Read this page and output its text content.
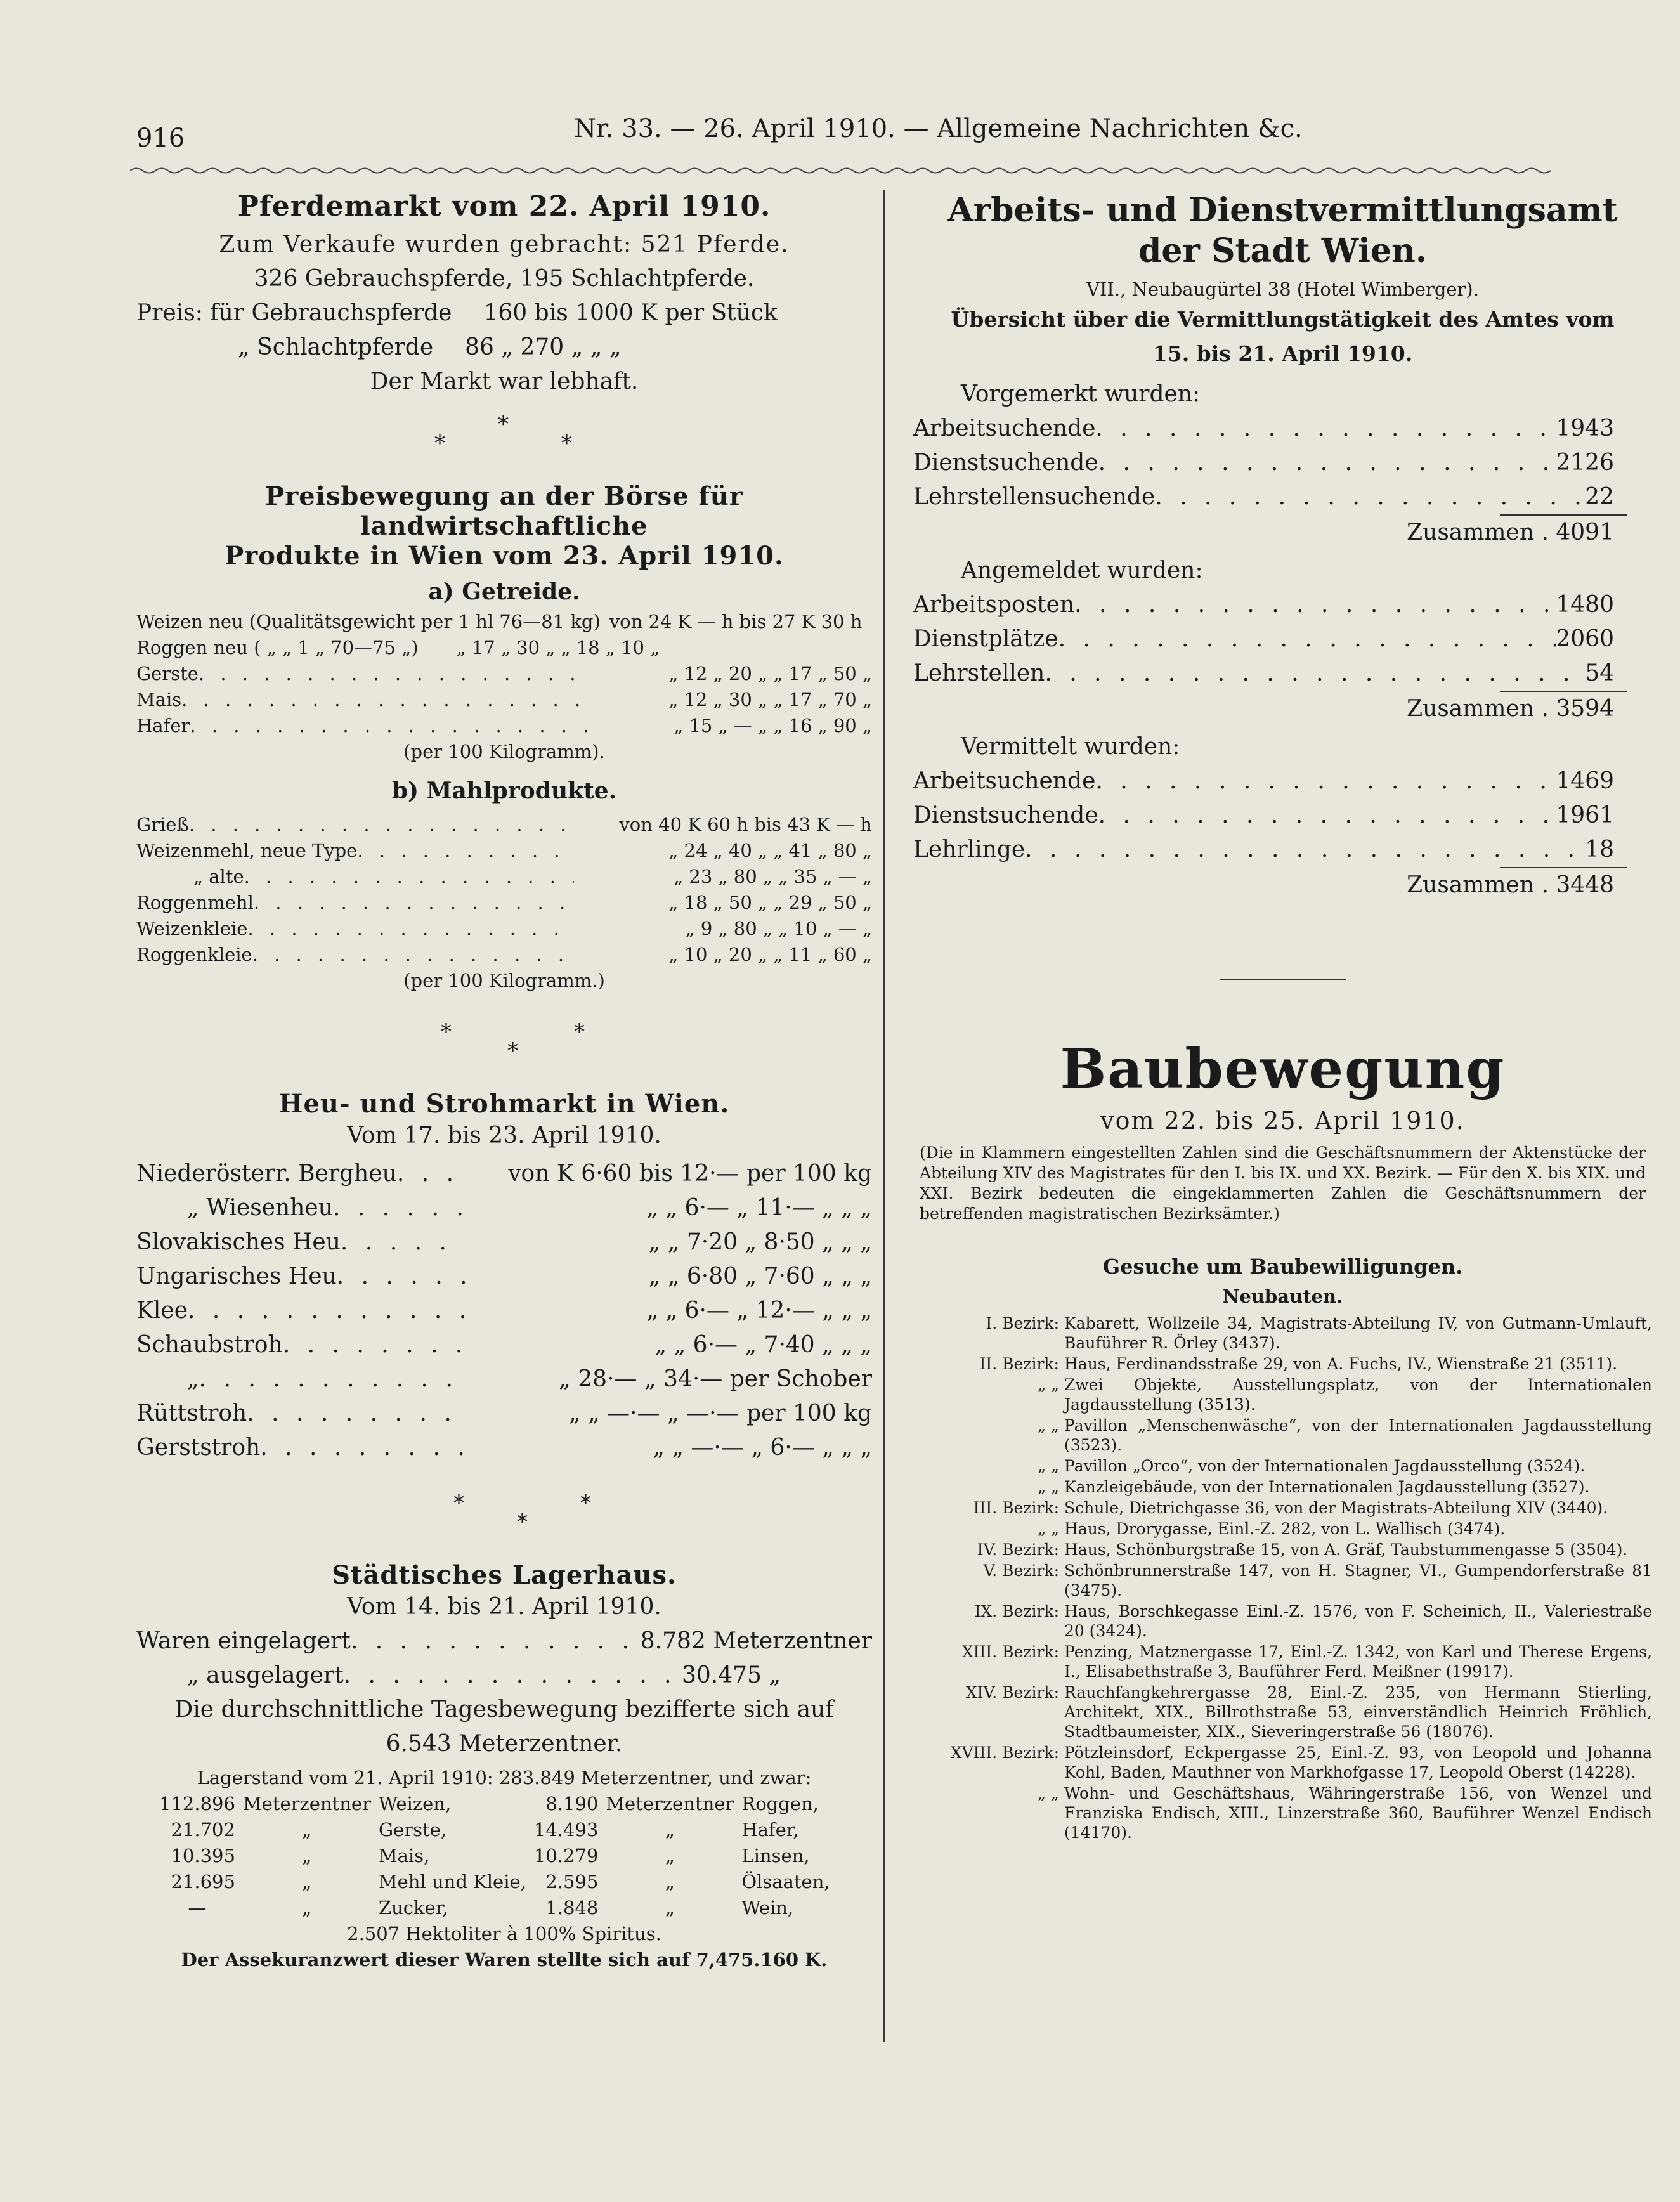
916	Nr. 33. — 26. April 1910. — Allgemeine Nachrichten &c.
Pferdemarkt vom 22. April 1910.
Zum Verkaufe wurden gebracht: 521 Pferde.
326 Gebrauchspferde, 195 Schlachtpferde.
Preis: für Gebrauchspferde 160 bis 1000 K per Stück
„ Schlachtpferde 86 „ 270 „ „ „
Der Markt war lebhaft.
*
*	*
Preisbewegung an der Börse für landwirtschaftliche
Produkte in Wien vom 23. April 1910.
a) Getreide.
Weizen neu (Qualitätsgewicht per 1 hl 76—81 kg) von 24 K — h bis 27 K 30 h
Roggen neu ( „ „ 1 „ 70—75 „) „ 17 „ 30 „ „ 18 „ 10 „
Gerste . . .	„ 12 „ 20 „ „ 17 „ 50 „
Mais . . .	„ 12 „ 30 „ „ 17 „ 70 „
Hafer . . .	„ 15 „ — „ „ 16 „ 90 „
(per 100 Kilogramm).
b) Mahlprodukte.
Grieß . . .	von 40 K 60 h bis 43 K — h
Weizenmehl, neue Type . . .	„ 24 „ 40 „ „ 41 „ 80 „
„ alte . . .	„ 23 „ 80 „ „ 35 „ — „
Roggenmehl . . .	„ 18 „ 50 „ „ 29 „ 50 „
Weizenkleie . . .	„ 9 „ 80 „ „ 10 „ — „
Roggenkleie . . .	„ 10 „ 20 „ „ 11 „ 60 „
(per 100 Kilogramm.)
*	*
*
Heu- und Strohmarkt in Wien.
Vom 17. bis 23. April 1910.
Niederösterr. Bergheu . . .	von K 6·60 bis 12·— per 100 kg
„ Wiesenheu . . .	„ „ 6·— „ 11·— „ „ „
Slovakisches Heu . . .	„ „ 7·20 „ 8·50 „ „ „
Ungarisches Heu . . .	„ „ 6·80 „ 7·60 „ „ „
Klee . . .	„ „ 6·— „ 12·— „ „ „
Schaubstroh . . .	„ „ 6·— „ 7·40 „ „ „
„ . . .	„ 28·— „ 34·— per Schober
Rüttstroh . . .	„ „ —·— „ —·— per 100 kg
Gerststroh . . .	„ „ —·— „ 6·— „ „ „
*	*
*
Städtisches Lagerhaus.
Vom 14. bis 21. April 1910.
Waren eingelagert . . .	8.782 Meterzentner
„ ausgelagert . . .	30.475 „
Die durchschnittliche Tagesbewegung bezifferte sich auf
6.543 Meterzentner.
Lagerstand vom 21. April 1910: 283.849 Meterzentner, und zwar:
112.896	Meterzentner	Weizen,	8.190	Meterzentner	Roggen,
21.702	„	Gerste,	14.493	„	Hafer,
10.395	„	Mais,	10.279	„	Linsen,
21.695	„	Mehl und Kleie,	2.595	„	Ölsaaten,
—	„	Zucker,	1.848	„	Wein,
2.507 Hektoliter à 100% Spiritus.
Der Assekuranzwert dieser Waren stellte sich auf 7,475.160 K.
Arbeits- und Dienstvermittlungsamt
der Stadt Wien.
VII., Neubaugürtel 38 (Hotel Wimberger).
Übersicht über die Vermittlungstätigkeit des Amtes vom
15. bis 21. April 1910.
Vorgemerkt wurden:
Arbeitsuchende . . .	1943
Dienstsuchende . . .	2126
Lehrstellensuchende . . .	22
Zusammen . 4091
Angemeldet wurden:
Arbeitsposten . . .	1480
Dienstplätze . . .	2060
Lehrstellen . . .	54
Zusammen . 3594
Vermittelt wurden:
Arbeitsuchende . . .	1469
Dienstsuchende . . .	1961
Lehrlinge . . .	18
Zusammen . 3448
Baubewegung
vom 22. bis 25. April 1910.
(Die in Klammern eingestellten Zahlen sind die Geschäftsnummern der Aktenstücke der Abteilung XIV des Magistrates für den I. bis IX. und XX. Bezirk. — Für den X. bis XIX. und XXI. Bezirk bedeuten die eingeklammerten Zahlen die Geschäftsnummern der betreffenden magistratischen Bezirksämter.)
Gesuche um Baubewilligungen.
Neubauten.
I. Bezirk: Kabarett, Wollzeile 34, Magistrats-Abteilung IV, von Gutmann-Umlauft, Bauführer R. Örley (3437).
II. Bezirk: Haus, Ferdinandsstraße 29, von A. Fuchs, IV., Wienstraße 21 (3511).
„ „ Zwei Objekte, Ausstellungsplatz, von der Internationalen Jagdausstellung (3513).
„ „ Pavillon „Menschenwäsche“, von der Internationalen Jagdausstellung (3523).
„ „ Pavillon „Orco“, von der Internationalen Jagdausstellung (3524).
„ „ Kanzleigebäude, von der Internationalen Jagdausstellung (3527).
III. Bezirk: Schule, Dietrichgasse 36, von der Magistrats-Abteilung XIV (3440).
„ „ Haus, Drorygasse, Einl.-Z. 282, von L. Wallisch (3474).
IV. Bezirk: Haus, Schönburgstraße 15, von A. Gräf, Taubstummengasse 5 (3504).
V. Bezirk: Schönbrunnerstraße 147, von H. Stagner, VI., Gumpendorferstraße 81 (3475).
IX. Bezirk: Haus, Borschkegasse Einl.-Z. 1576, von F. Scheinich, II., Valeriestraße 20 (3424).
XIII. Bezirk: Penzing, Matznergasse 17, Einl.-Z. 1342, von Karl und Therese Ergens, I., Elisabethstraße 3, Bauführer Ferd. Meißner (19917).
XIV. Bezirk: Rauchfangkehrergasse 28, Einl.-Z. 235, von Hermann Stierling, Architekt, XIX., Billrothstraße 53, einverständlich Heinrich Fröhlich, Stadtbaumeister, XIX., Sieveringerstraße 56 (18076).
XVIII. Bezirk: Pötzleinsdorf, Eckpergasse 25, Einl.-Z. 93, von Leopold und Johanna Kohl, Baden, Mauthner von Markhofgasse 17, Leopold Oberst (14228).
„ „ Wohn- und Geschäftshaus, Währingerstraße 156, von Wenzel und Franziska Endisch, XIII., Linzerstraße 360, Bauführer Wenzel Endisch (14170).
